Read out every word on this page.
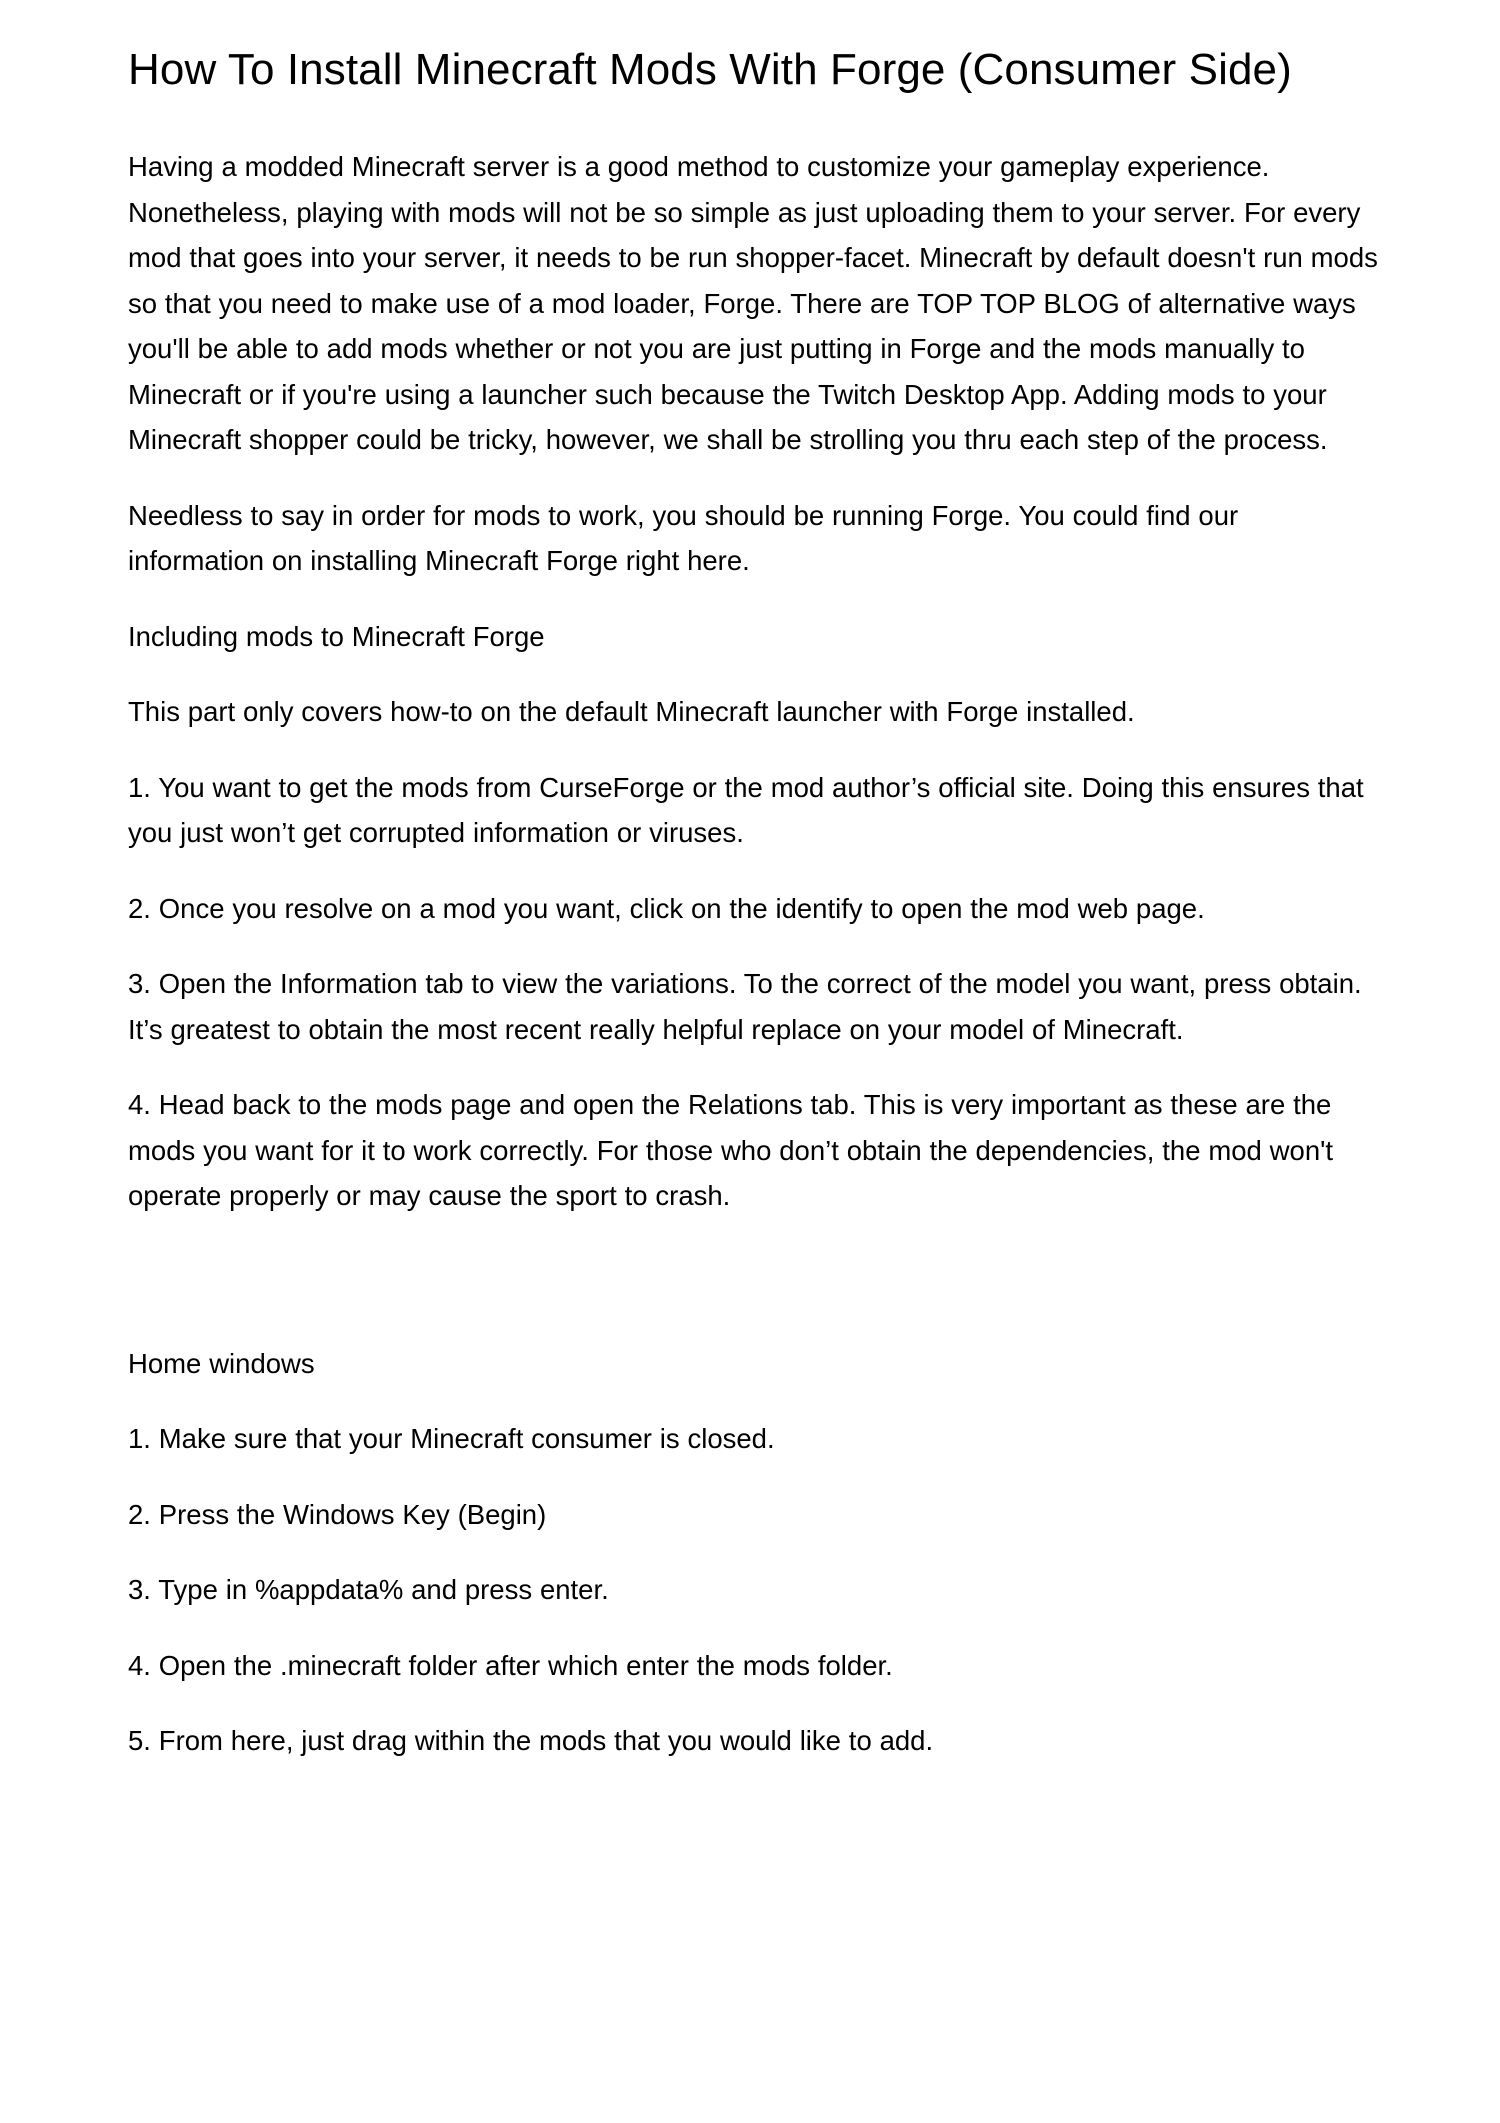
How To Install Minecraft Mods With Forge (Consumer Side)

Having a modded Minecraft server is a good method to customize your gameplay experience. Nonetheless, playing with mods will not be so simple as just uploading them to your server. For every mod that goes into your server, it needs to be run shopper-facet. Minecraft by default doesn't run mods so that you need to make use of a mod loader, Forge. There are TOP TOP BLOG of alternative ways you'll be able to add mods whether or not you are just putting in Forge and the mods manually to Minecraft or if you're using a launcher such because the Twitch Desktop App. Adding mods to your Minecraft shopper could be tricky, however, we shall be strolling you thru each step of the process.

Needless to say in order for mods to work, you should be running Forge. You could find our information on installing Minecraft Forge right here.

Including mods to Minecraft Forge

This part only covers how-to on the default Minecraft launcher with Forge installed.

1. You want to get the mods from CurseForge or the mod author’s official site. Doing this ensures that you just won’t get corrupted information or viruses.

2. Once you resolve on a mod you want, click on the identify to open the mod web page.

3. Open the Information tab to view the variations. To the correct of the model you want, press obtain. It’s greatest to obtain the most recent really helpful replace on your model of Minecraft.

4. Head back to the mods page and open the Relations tab. This is very important as these are the mods you want for it to work correctly. For those who don’t obtain the dependencies, the mod won't operate properly or may cause the sport to crash.

Home windows

1. Make sure that your Minecraft consumer is closed.

2. Press the Windows Key (Begin)

3. Type in %appdata% and press enter.

4. Open the .minecraft folder after which enter the mods folder.

5. From here, just drag within the mods that you would like to add.
